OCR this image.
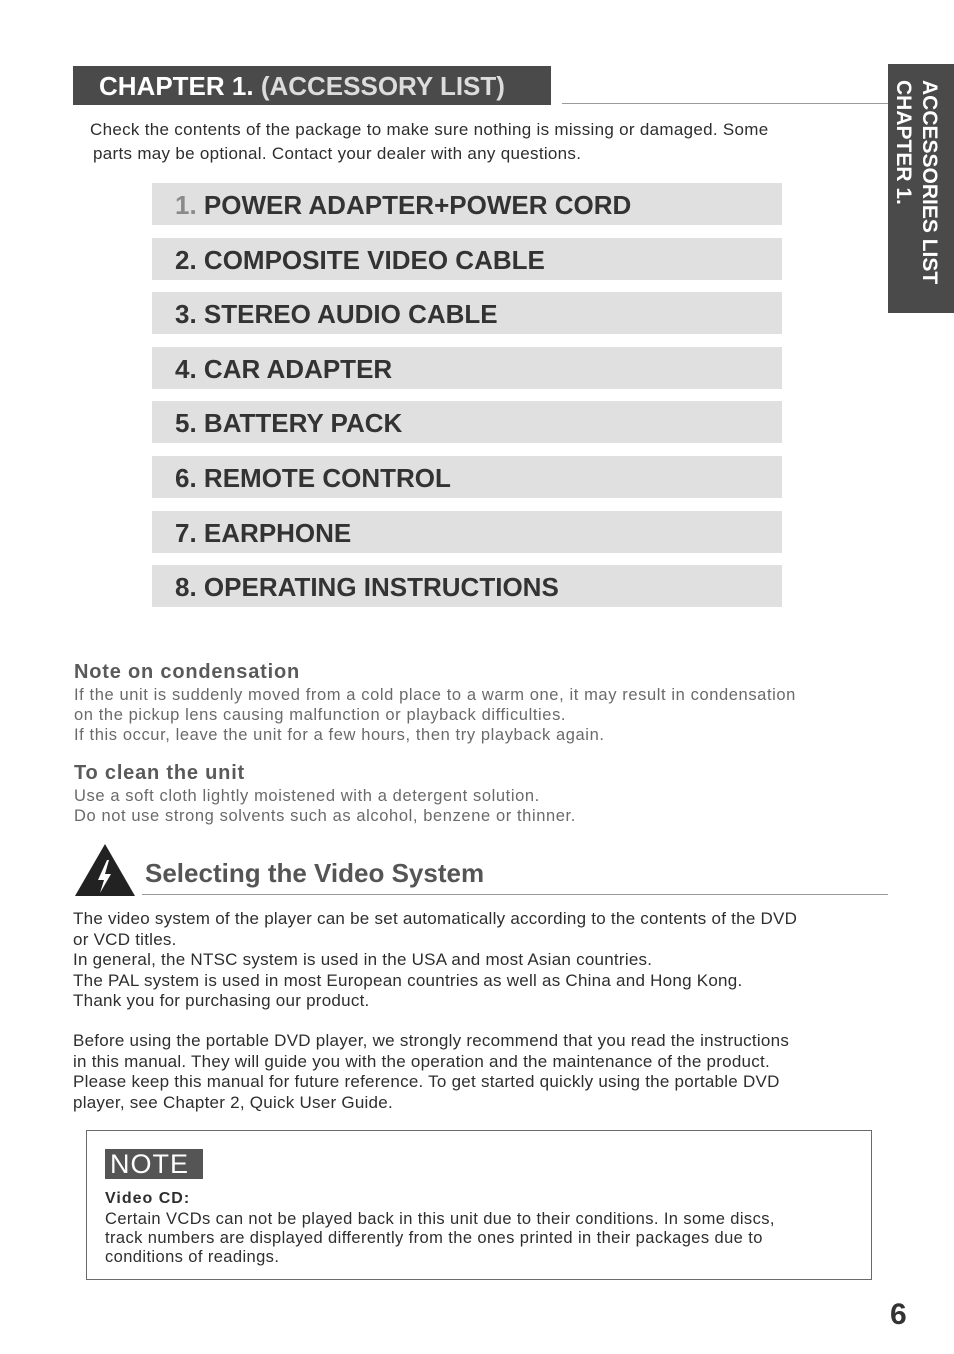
CHAPTER 1. (ACCESSORY LIST)	ACCESSORIES LIST
CHAPTER 1.
Check the contents of the package to make sure nothing is missing or damaged. Some
parts may be optional. Contact your dealer with any questions.
1. POWER ADAPTER+POWER CORD
2. COMPOSITE VIDEO CABLE
3. STEREO AUDIO CABLE
4. CAR ADAPTER
5. BATTERY PACK
6. REMOTE CONTROL
7. EARPHONE
8. OPERATING INSTRUCTIONS
Note on condensation
If the unit is suddenly moved from a cold place to a warm one, it may result in condensation
on the pickup lens causing malfunction or playback difficulties.
If this occur, leave the unit for a few hours, then try playback again.
To clean the unit
Use a soft cloth lightly moistened with a detergent solution.
Do not use strong solvents such as alcohol, benzene or thinner.
Selecting the Video System
The video system of the player can be set automatically according to the contents of the DVD
or VCD titles.
In general, the NTSC system is used in the USA and most Asian countries.
The PAL system is used in most European countries as well as China and Hong Kong.
Thank you for purchasing our product.
Before using the portable DVD player, we strongly recommend that you read the instructions
in this manual. They will guide you with the operation and the maintenance of the product.
Please keep this manual for future reference. To get started quickly using the portable DVD
player, see Chapter 2, Quick User Guide.
NOTE
Video CD:
Certain VCDs can not be played back in this unit due to their conditions. In some discs,
track numbers are displayed differently from the ones printed in their packages due to
conditions of readings.
6
